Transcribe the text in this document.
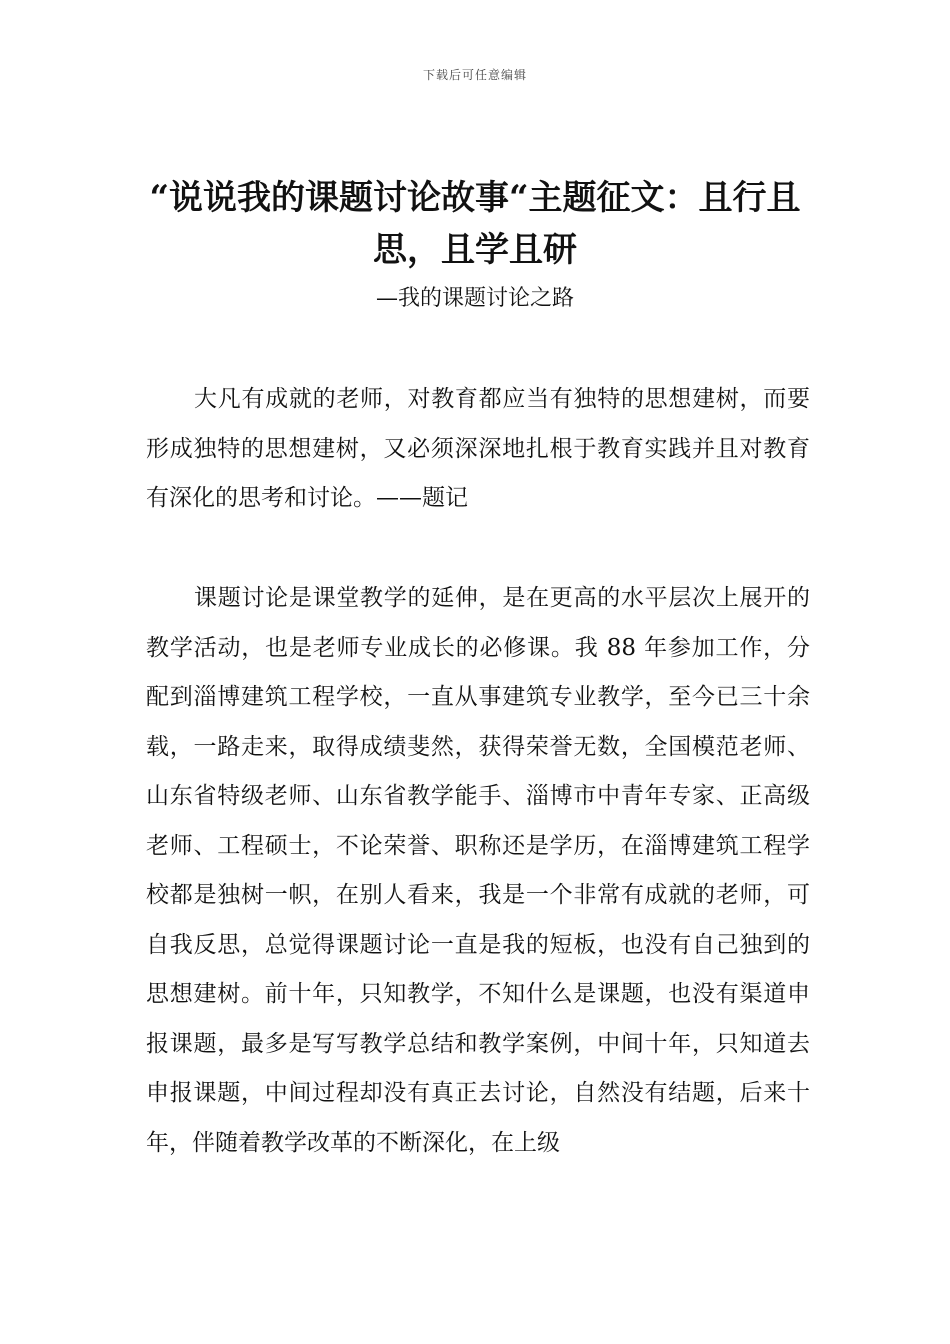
下载后可任意编辑
“说说我的课题讨论故事“主题征文：且行且思，且学且研
—我的课题讨论之路

大凡有成就的老师，对教育都应当有独特的思想建树，而要形成独特的思想建树，又必须深深地扎根于教育实践并且对教育有深化的思考和讨论。——题记

课题讨论是课堂教学的延伸，是在更高的水平层次上展开的教学活动，也是老师专业成长的必修课。我 88 年参加工作，分配到淄博建筑工程学校，一直从事建筑专业教学，至今已三十余载，一路走来，取得成绩斐然，获得荣誉无数，全国模范老师、山东省特级老师、山东省教学能手、淄博市中青年专家、正高级老师、工程硕士，不论荣誉、职称还是学历，在淄博建筑工程学校都是独树一帜，在别人看来，我是一个非常有成就的老师，可自我反思，总觉得课题讨论一直是我的短板，也没有自己独到的思想建树。前十年，只知教学，不知什么是课题，也没有渠道申报课题，最多是写写教学总结和教学案例，中间十年，只知道去申报课题，中间过程却没有真正去讨论，自然没有结题，后来十年，伴随着教学改革的不断深化，在上级
